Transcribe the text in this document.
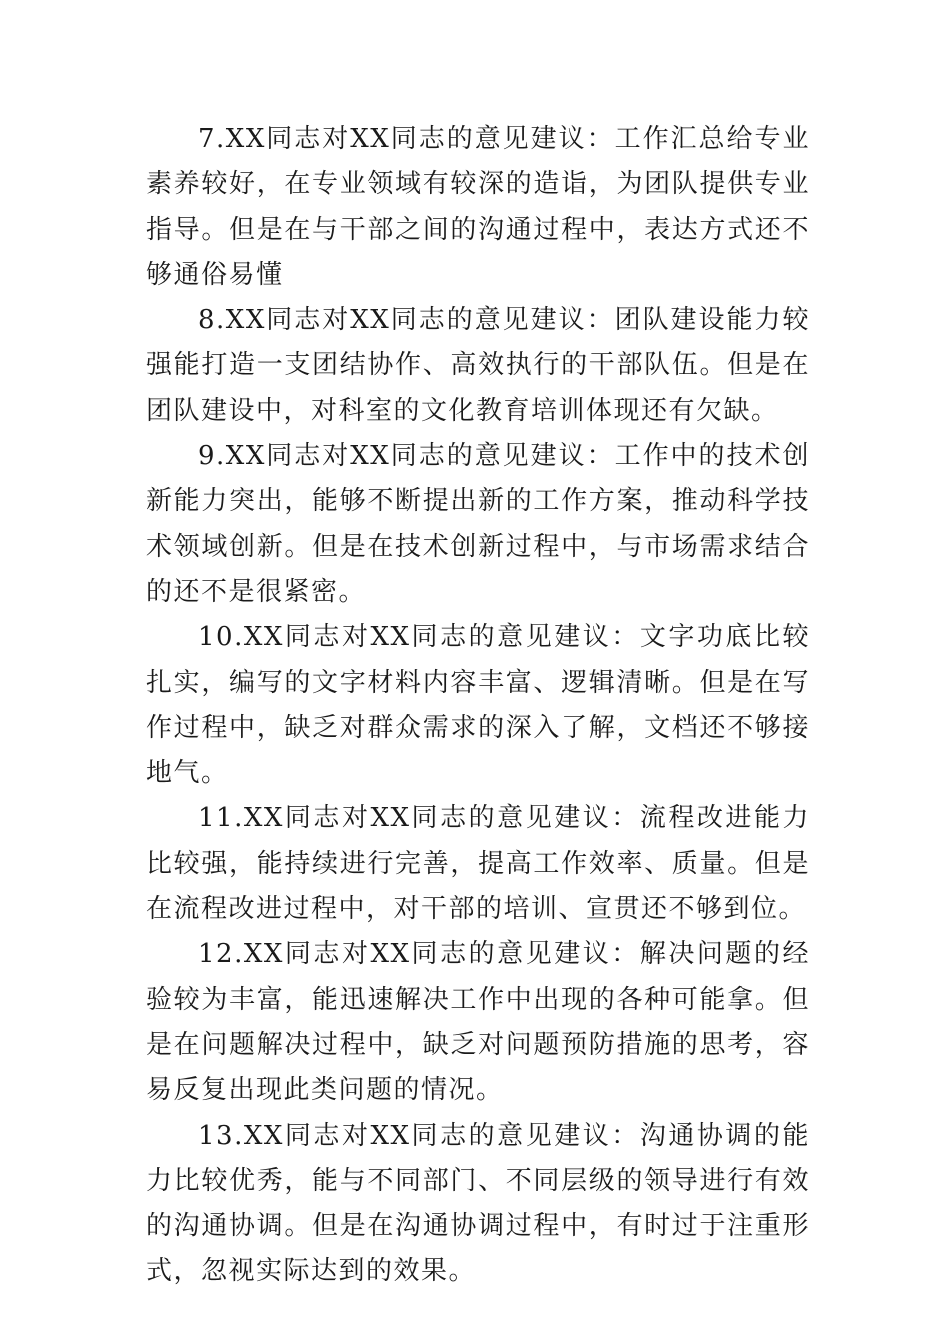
7.XX同志对XX同志的意见建议：工作汇总给专业素养较好，在专业领域有较深的造诣，为团队提供专业指导。但是在与干部之间的沟通过程中，表达方式还不够通俗易懂

8.XX同志对XX同志的意见建议：团队建设能力较强能打造一支团结协作、高效执行的干部队伍。但是在团队建设中，对科室的文化教育培训体现还有欠缺。

9.XX同志对XX同志的意见建议：工作中的技术创新能力突出，能够不断提出新的工作方案，推动科学技术领域创新。但是在技术创新过程中，与市场需求结合的还不是很紧密。

10.XX同志对XX同志的意见建议：文字功底比较扎实，编写的文字材料内容丰富、逻辑清晰。但是在写作过程中，缺乏对群众需求的深入了解，文档还不够接地气。

11.XX同志对XX同志的意见建议：流程改进能力比较强，能持续进行完善，提高工作效率、质量。但是在流程改进过程中，对干部的培训、宣贯还不够到位。

12.XX同志对XX同志的意见建议：解决问题的经验较为丰富，能迅速解决工作中出现的各种可能拿。但是在问题解决过程中，缺乏对问题预防措施的思考，容易反复出现此类问题的情况。

13.XX同志对XX同志的意见建议：沟通协调的能力比较优秀，能与不同部门、不同层级的领导进行有效的沟通协调。但是在沟通协调过程中，有时过于注重形式，忽视实际达到的效果。
